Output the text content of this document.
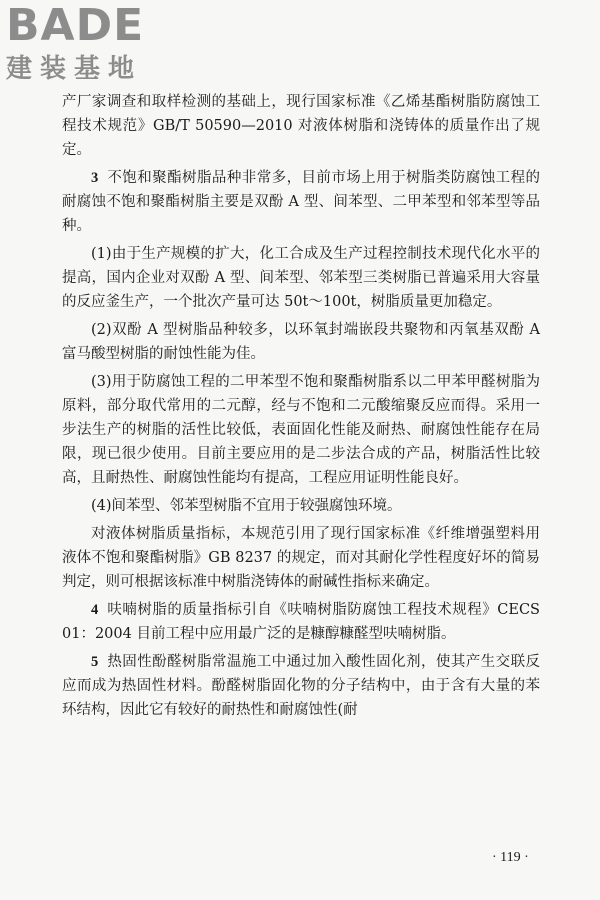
BADE
建装基地

产厂家调查和取样检测的基础上，现行国家标准《乙烯基酯树脂防腐蚀工程技术规范》GB/T 50590—2010 对液体树脂和浇铸体的质量作出了规定。

3 不饱和聚酯树脂品种非常多，目前市场上用于树脂类防腐蚀工程的耐腐蚀不饱和聚酯树脂主要是双酚 A 型、间苯型、二甲苯型和邻苯型等品种。

(1)由于生产规模的扩大，化工合成及生产过程控制技术现代化水平的提高，国内企业对双酚 A 型、间苯型、邻苯型三类树脂已普遍采用大容量的反应釜生产，一个批次产量可达 50t～100t，树脂质量更加稳定。

(2)双酚 A 型树脂品种较多，以环氧封端嵌段共聚物和丙氧基双酚 A 富马酸型树脂的耐蚀性能为佳。

(3)用于防腐蚀工程的二甲苯型不饱和聚酯树脂系以二甲苯甲醛树脂为原料，部分取代常用的二元醇，经与不饱和二元酸缩聚反应而得。采用一步法生产的树脂的活性比较低，表面固化性能及耐热、耐腐蚀性能存在局限，现已很少使用。目前主要应用的是二步法合成的产品，树脂活性比较高，且耐热性、耐腐蚀性能均有提高，工程应用证明性能良好。

(4)间苯型、邻苯型树脂不宜用于较强腐蚀环境。

对液体树脂质量指标，本规范引用了现行国家标准《纤维增强塑料用液体不饱和聚酯树脂》GB 8237 的规定，而对其耐化学性程度好坏的简易判定，则可根据该标准中树脂浇铸体的耐碱性指标来确定。

4 呋喃树脂的质量指标引自《呋喃树脂防腐蚀工程技术规程》CECS 01：2004 目前工程中应用最广泛的是糠醇糠醛型呋喃树脂。

5 热固性酚醛树脂常温施工中通过加入酸性固化剂，使其产生交联反应而成为热固性材料。酚醛树脂固化物的分子结构中，由于含有大量的苯环结构，因此它有较好的耐热性和耐腐蚀性(耐

· 119 ·
